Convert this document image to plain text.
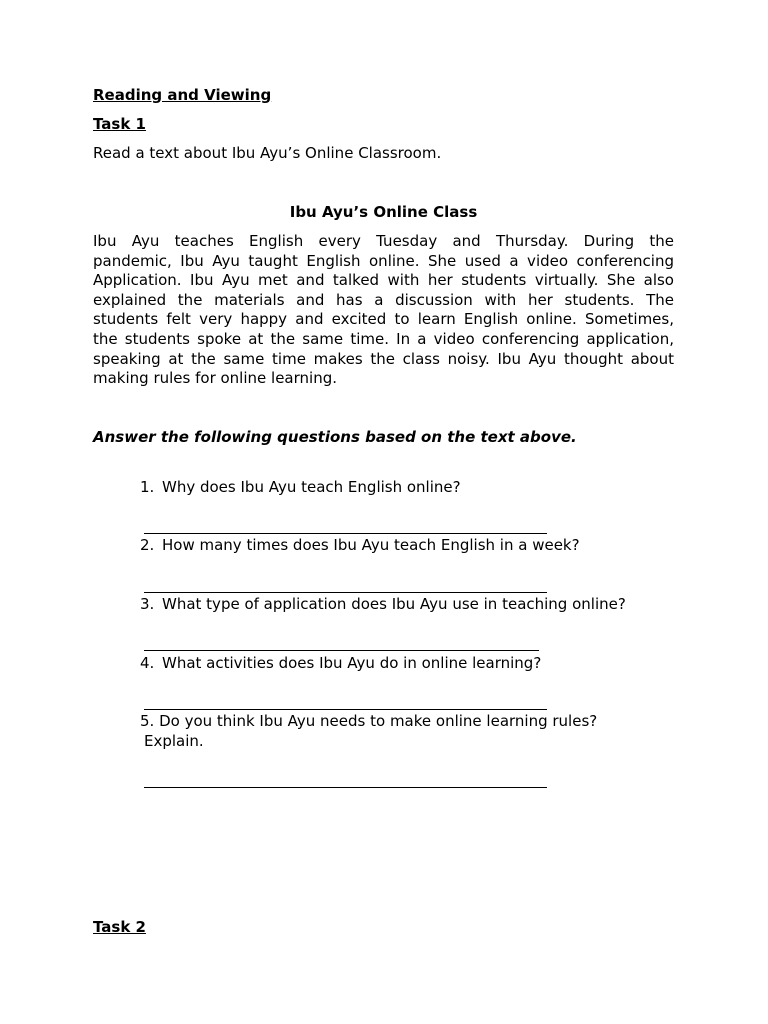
Reading and Viewing
Task 1
Read a text about Ibu Ayu’s Online Classroom.
Ibu Ayu’s Online Class
Ibu Ayu teaches English every Tuesday and Thursday. During the
pandemic, Ibu Ayu taught English online. She used a video conferencing
Application. Ibu Ayu met and talked with her students virtually. She also
explained the materials and has a discussion with her students. The
students felt very happy and excited to learn English online. Sometimes,
the students spoke at the same time. In a video conferencing application,
speaking at the same time makes the class noisy. Ibu Ayu thought about
making rules for online learning.
Answer the following questions based on the text above.
1. Why does Ibu Ayu teach English online?
2. How many times does Ibu Ayu teach English in a week?
3. What type of application does Ibu Ayu use in teaching online?
4. What activities does Ibu Ayu do in online learning?
5. Do you think Ibu Ayu needs to make online learning rules?
Explain.
Task 2
